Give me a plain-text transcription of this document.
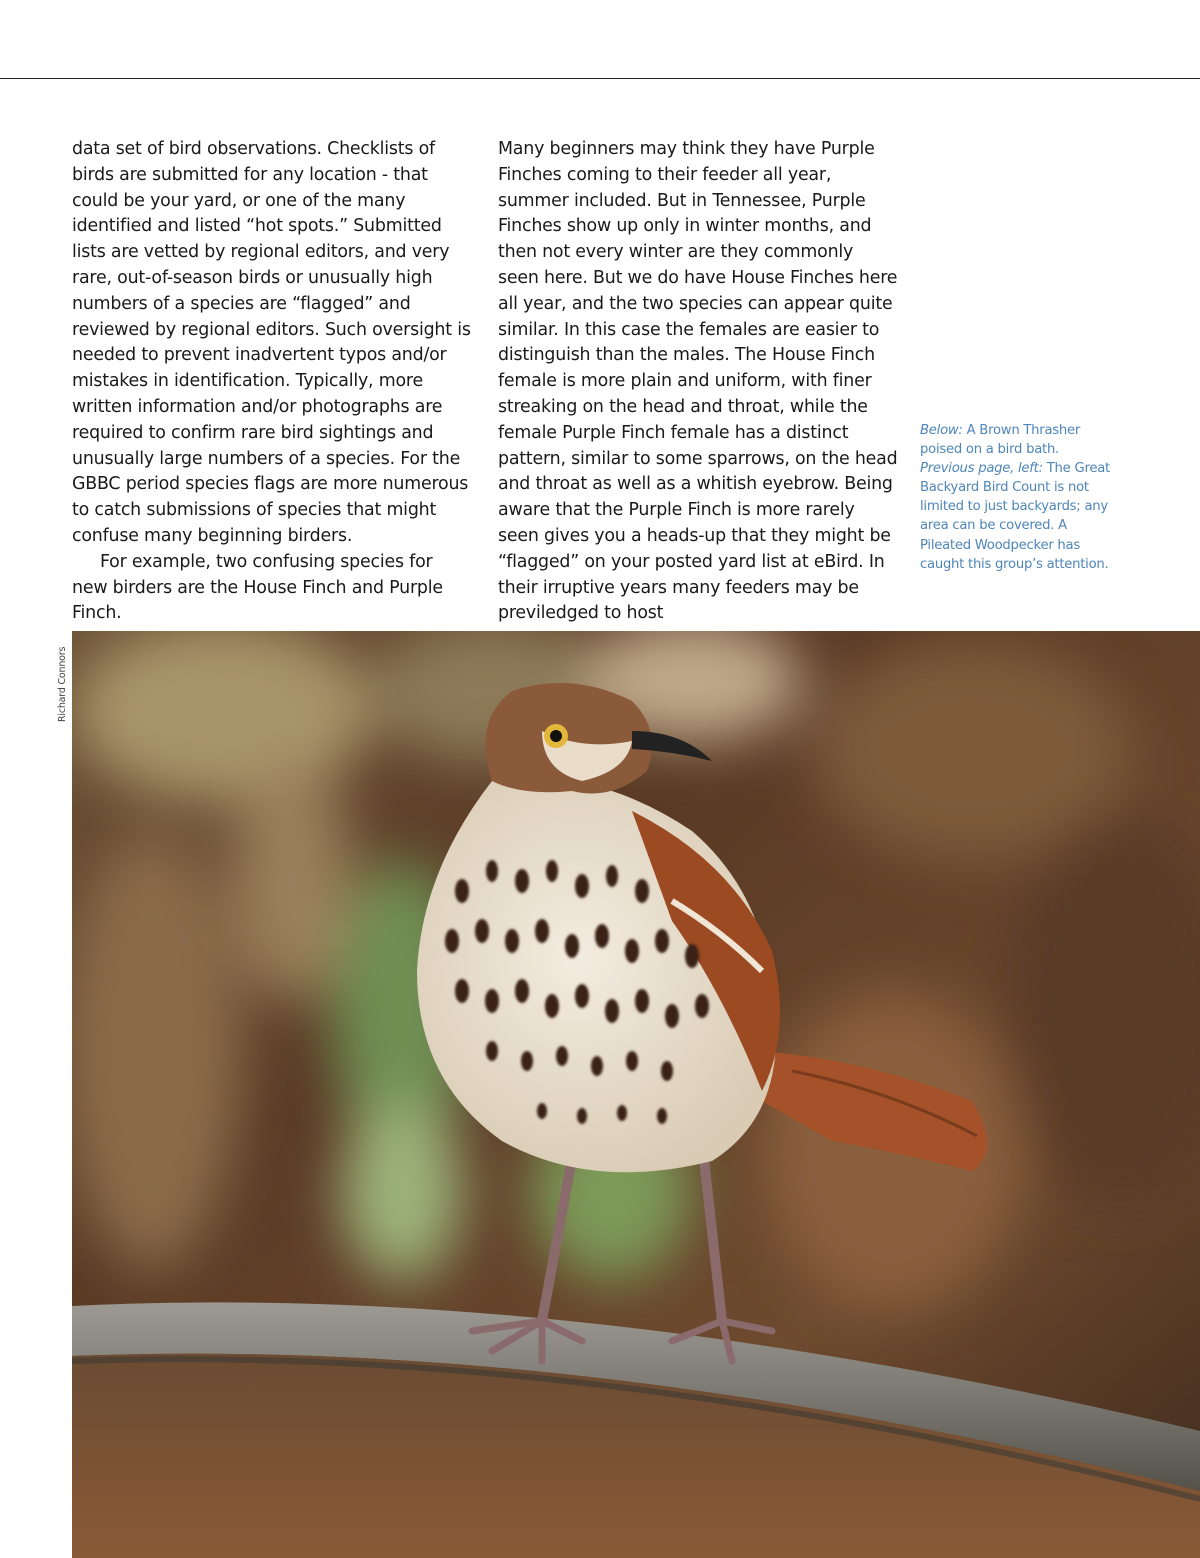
data set of bird observations. Checklists of birds are submitted for any location - that could be your yard, or one of the many identified and listed “hot spots.” Submitted lists are vetted by regional editors, and very rare, out-of-season birds or unusually high numbers of a species are “flagged” and reviewed by regional editors. Such oversight is needed to prevent inadvertent typos and/or mistakes in identification. Typically, more written information and/or photographs are required to confirm rare bird sightings and unusually large numbers of a species. For the GBBC period species flags are more numerous to catch submissions of species that might confuse many beginning birders.

For example, two confusing species for new birders are the House Finch and Purple Finch.

Many beginners may think they have Purple Finches coming to their feeder all year, summer included. But in Tennessee, Purple Finches show up only in winter months, and then not every winter are they commonly seen here. But we do have House Finches here all year, and the two species can appear quite similar. In this case the females are easier to distinguish than the males. The House Finch female is more plain and uniform, with finer streaking on the head and throat, while the female Purple Finch female has a distinct pattern, similar to some sparrows, on the head and throat as well as a whitish eyebrow. Being aware that the Purple Finch is more rarely seen gives you a heads-up that they might be “flagged” on your posted yard list at eBird. In their irruptive years many feeders may be previledged to host

Below: A Brown Thrasher poised on a bird bath.
Previous page, left: The Great Backyard Bird Count is not limited to just backyards; any area can be covered. A Pileated Woodpecker has caught this group’s attention.
Richard Connors
